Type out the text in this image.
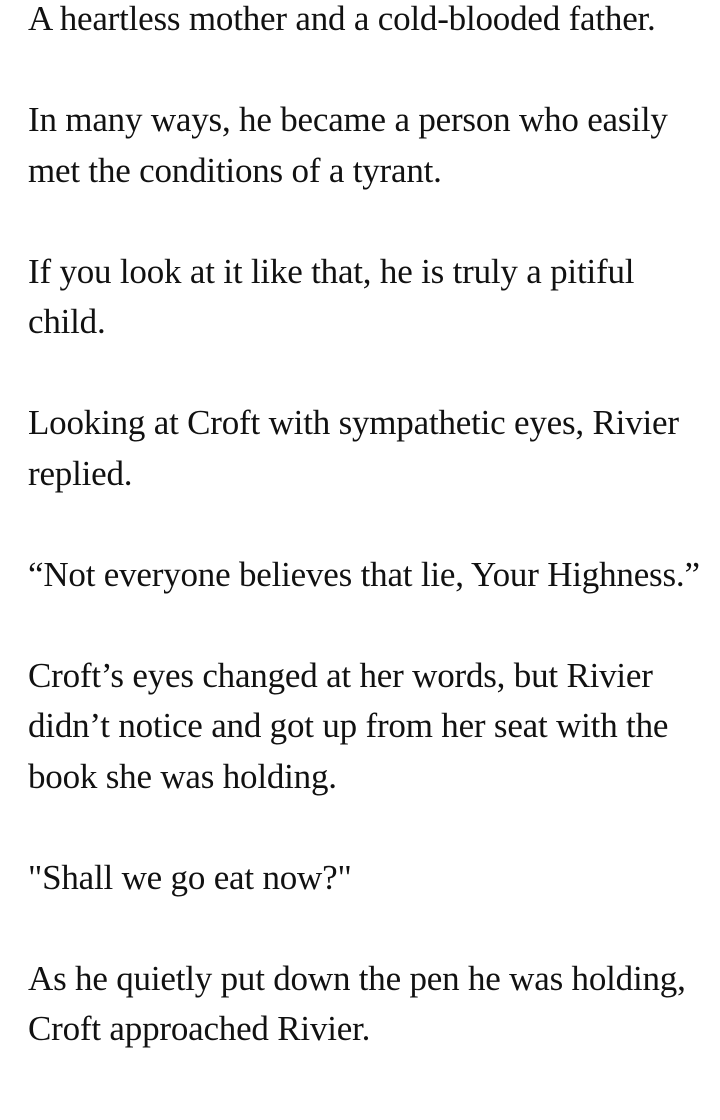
A heartless mother and a cold-blooded father.

In many ways, he became a person who easily met the conditions of a tyrant.

If you look at it like that, he is truly a pitiful child.

Looking at Croft with sympathetic eyes, Rivier replied.

“Not everyone believes that lie, Your Highness.”

Croft’s eyes changed at her words, but Rivier didn’t notice and got up from her seat with the book she was holding.

"Shall we go eat now?"

As he quietly put down the pen he was holding, Croft approached Rivier.
